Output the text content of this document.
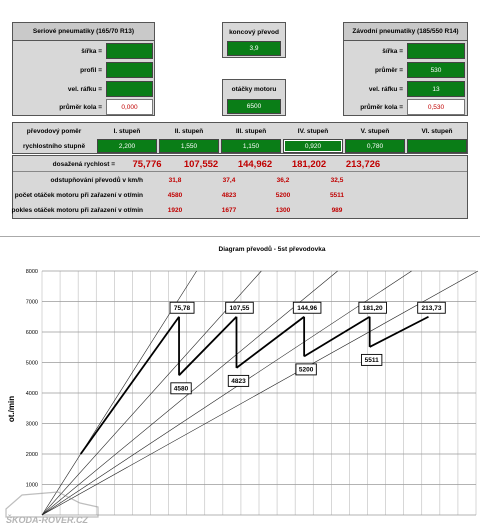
Seriové pneumatiky (165/70 R13)
šířka =
profil =
vel. ráfku =
průměr kola =	0,000
koncový převod
3,9
otáčky motoru
6500
Závodní pneumatiky (185/550 R14)
šířka =
průměr =	530
vel. ráfku =	13
průměr kola =	0,530
převodový poměr	I. stupeň	II. stupeň	III. stupeň	IV. stupeň	V. stupeň	VI. stupeň
rychlostního stupně	2,200	1,550	1,150	0,920	0,780
dosažená rychlost =	75,776	107,552	144,962	181,202	213,726
odstupňování převodů v km/h	31,8	37,4	36,2	32,5
počet otáček motoru při zařazení v ot/min	4580	4823	5200	5511
pokles otáček motoru při zařazení v ot/min	1920	1677	1300	989
Diagram převodů - 5st převodovka
ot./min
1000
2000
3000
4000
5000
6000
7000
8000
75,78	107,55	144,96	181,20	213,73
4580
4823
5200
5511
ŠKODA-ROVER.CZ
